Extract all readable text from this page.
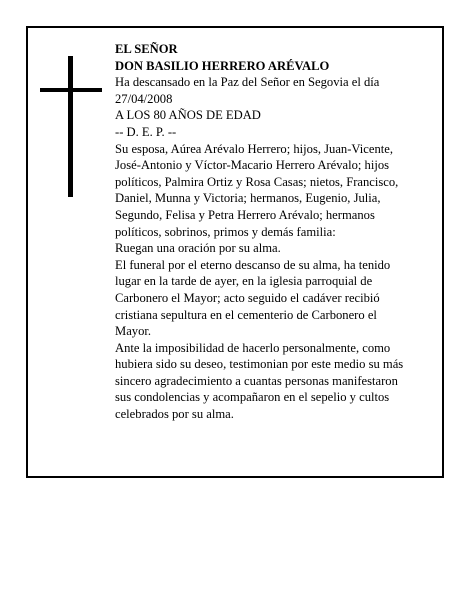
EL SEÑOR

DON BASILIO HERRERO ARÉVALO

Ha descansado en la Paz del Señor en Segovia el día 27/04/2008

A LOS 80 AÑOS DE EDAD

-- D. E. P. --

Su esposa, Aúrea Arévalo Herrero; hijos, Juan-Vicente, José-Antonio y Víctor-Macario Herrero Arévalo; hijos políticos, Palmira Ortiz y Rosa Casas; nietos, Francisco, Daniel, Munna y Victoria; hermanos, Eugenio, Julia, Segundo, Felisa y Petra Herrero Arévalo; hermanos políticos, sobrinos, primos y demás familia:

Ruegan una oración por su alma.

El funeral por el eterno descanso de su alma, ha tenido lugar en la tarde de ayer, en la iglesia parroquial de Carbonero el Mayor; acto seguido el cadáver recibió cristiana sepultura en el cementerio de Carbonero el Mayor.

Ante la imposibilidad de hacerlo personalmente, como hubiera sido su deseo, testimonian por este medio su más sincero agradecimiento a cuantas personas manifestaron sus condolencias y acompañaron en el sepelio y cultos celebrados por su alma.
